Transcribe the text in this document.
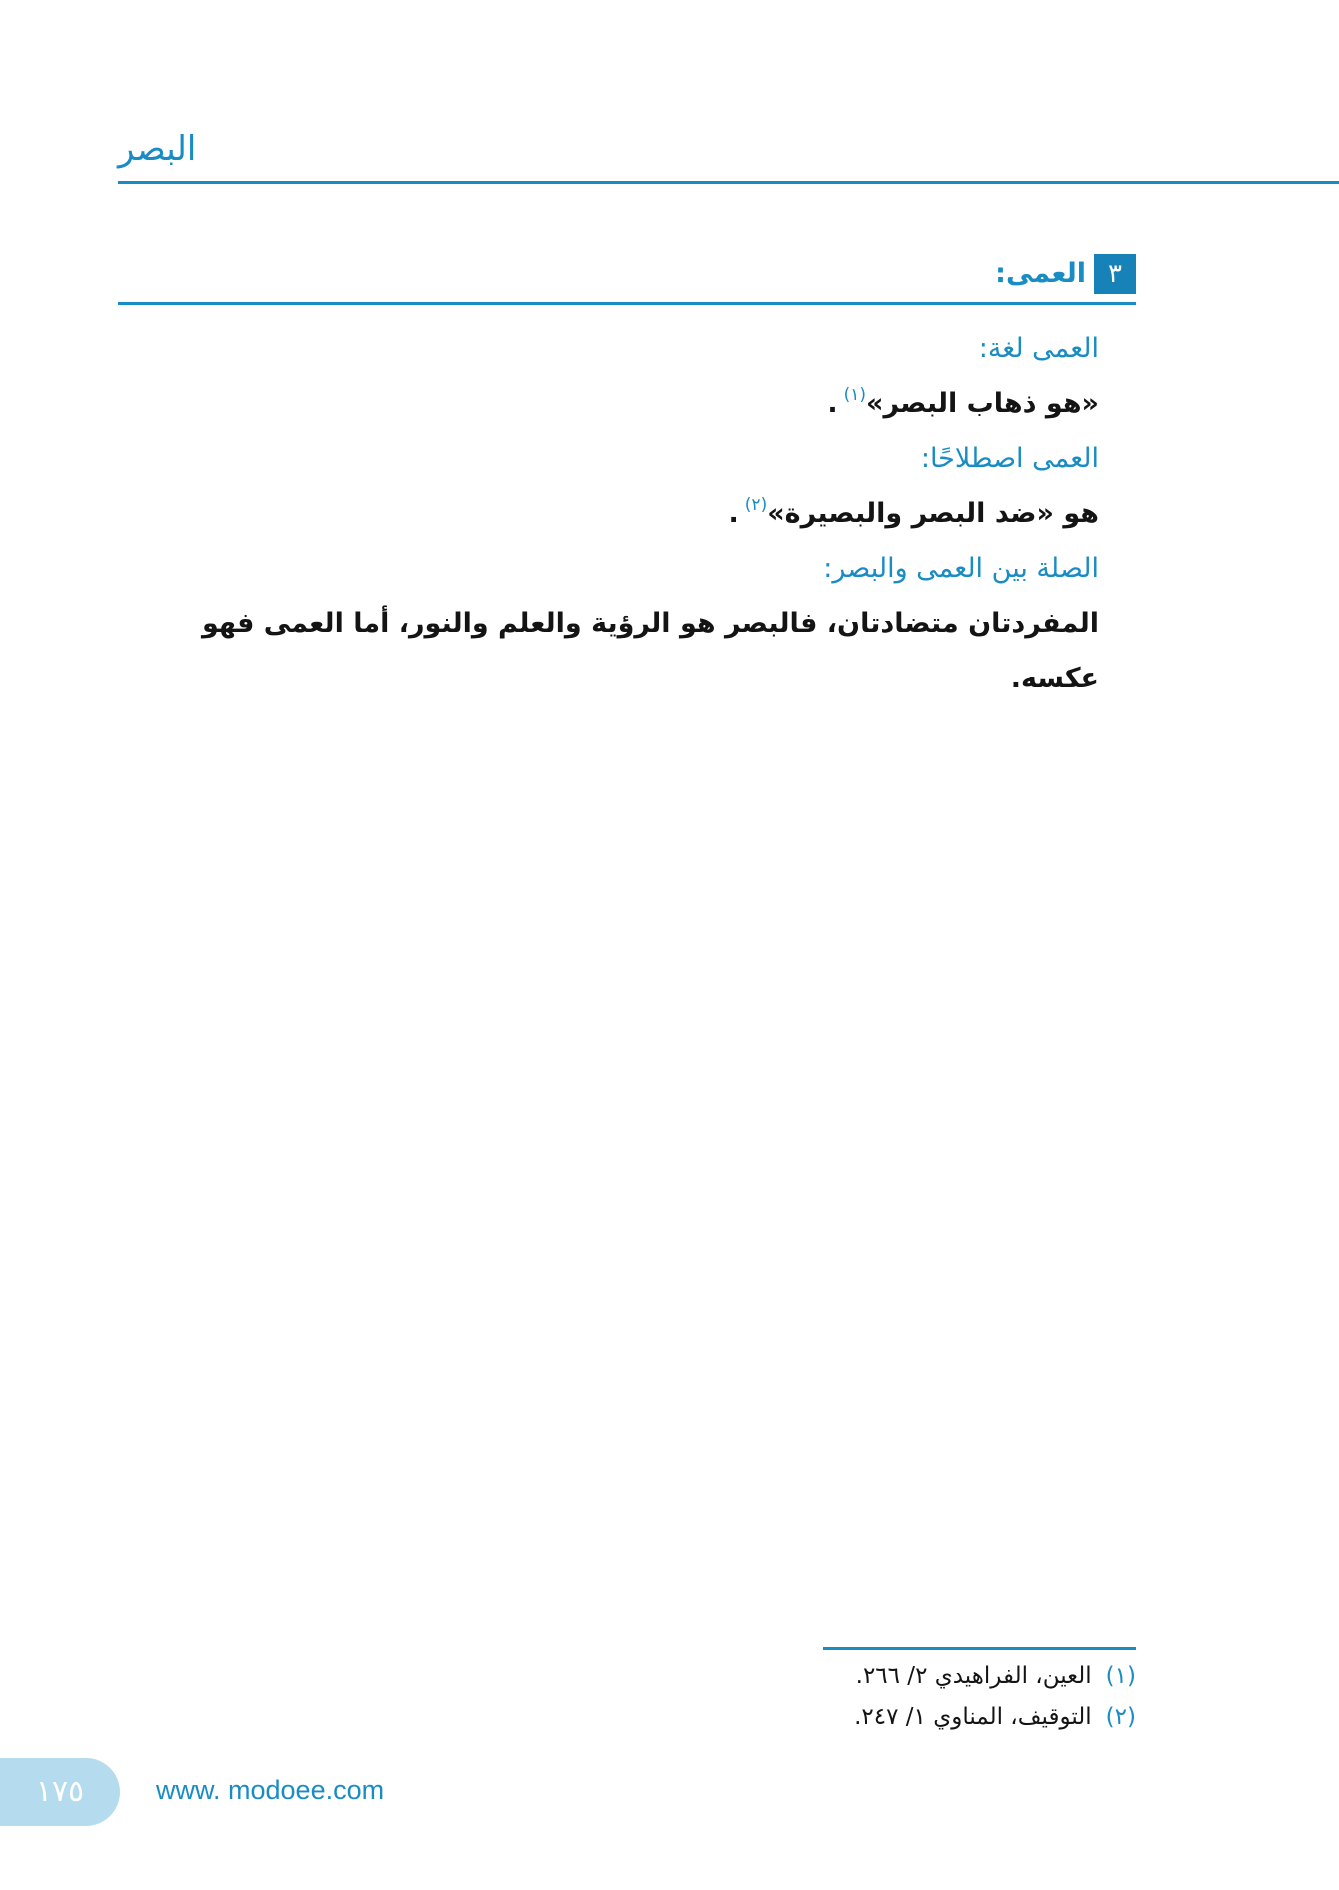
البصر
٣
العمى:
العمى لغة:
«هو ذهاب البصر»(١).
العمى اصطلاحًا:
هو «ضد البصر والبصيرة»(٢).
الصلة بين العمى والبصر:
المفردتان متضادتان، فالبصر هو الرؤية والعلم والنور، أما العمى فهو عكسه.
(١)العين، الفراهيدي ٢/ ٢٦٦.
(٢)التوقيف، المناوي ١/ ٢٤٧.
١٧٥	www. modoee.com
